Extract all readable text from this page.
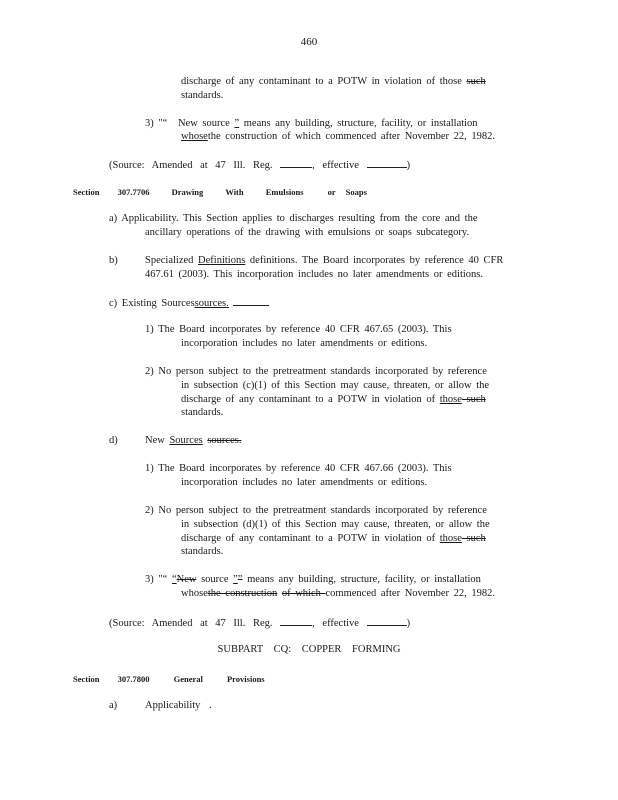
460
discharge of any contaminant to a POTW in violation of those such
standards.
3) "“ New source ” means any building, structure, facility, or installation
whosethe construction of which commenced after November 22, 1982.
(Source: Amended at 47 Ill. Reg.	, effective	)
Section 307.7706	Drawing	With	Emulsions	or Soaps
a) Applicability. This Section applies to discharges resulting from the core and the
ancillary operations of the drawing with emulsions or soaps subcategory.
b)	Specialized Definitions definitions. The Board incorporates by reference 40 CFR
467.61 (2003). This incorporation includes no later amendments or editions.
c) Existing Sourcessources.
1) The Board incorporates by reference 40 CFR 467.65 (2003). This
incorporation includes no later amendments or editions.
2) No person subject to the pretreatment standards incorporated by reference
in subsection (c)(1) of this Section may cause, threaten, or allow the
discharge of any contaminant to a POTW in violation of those such
standards.
d)	New Sources sources.
1) The Board incorporates by reference 40 CFR 467.66 (2003). This
incorporation includes no later amendments or editions.
2) No person subject to the pretreatment standards incorporated by reference
in subsection (d)(1) of this Section may cause, threaten, or allow the
discharge of any contaminant to a POTW in violation of those such
standards.
3) "“ “New source ”” means any building, structure, facility, or installation
whosethe construction of which commenced after November 22, 1982.
(Source: Amended at 47 Ill. Reg.	, effective	)
SUBPART CQ: COPPER FORMING
Section 307.7800	General	Provisions
a)	Applicability .
